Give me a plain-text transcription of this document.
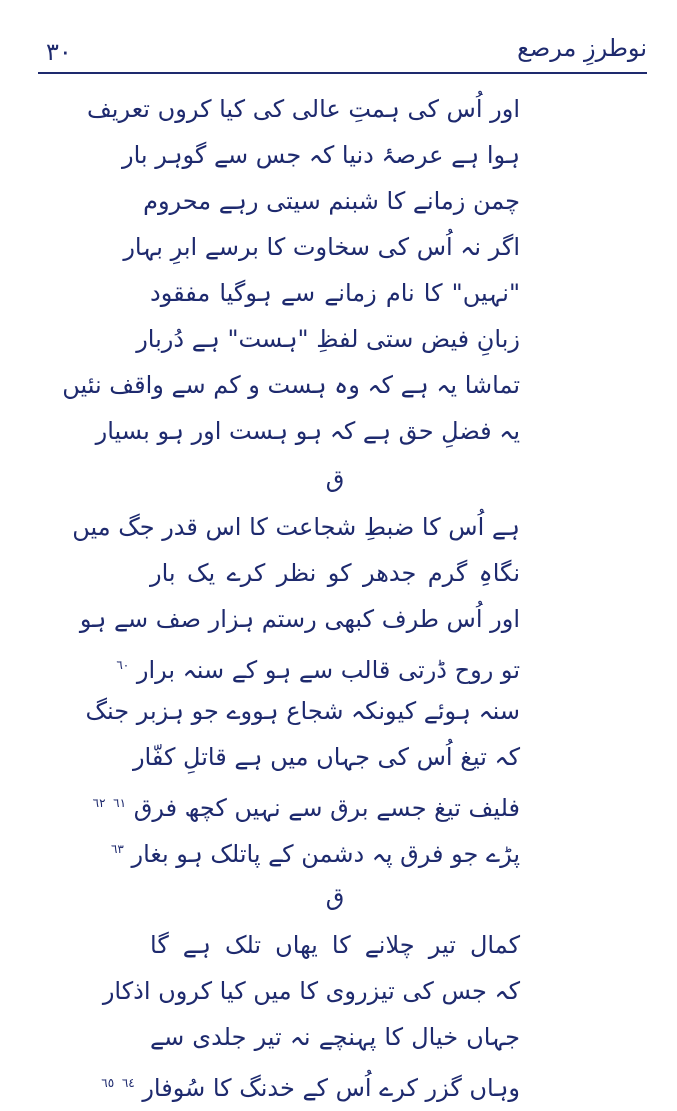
۳۰	نوطرزِ مرصع
اور اُس کی ہمتِ عالی کی کیا کروں تعریف
ہوا ہے عرصۂ دنیا کہ جس سے گوہر بار
چمن زمانے کا شبنم سیتی رہے محروم
اگر نہ اُس کی سخاوت کا برسے ابرِ بہار
"نہیں" کا نام زمانے سے ہوگیا مفقود
زبانِ فیض ستی لفظِ "ہست" ہے دُربار
تماشا یہ ہے کہ وہ ہست و کم سے واقف نئیں
یہ فضلِ حق ہے کہ ہو ہست اور ہو بسیار
ق
ہے اُس کا ضبطِ شجاعت کا اس قدر جگ میں
نگاہِ گرم جدھر کو نظر کرے یک بار
اور اُس طرف کبھی رستم ہزار صف سے ہو
تو روح ڈرتی قالب سے ہو کے سنہ برار $^{٦٠}$
سنہ ہوئے کیونکہ شجاع ہووے جو ہزبر جنگ
کہ تیغ اُس کی جہاں میں ہے قاتلِ کفّار
فلیف تیغ جسے برق سے نہیں کچھ فرق $^{٦١}$ $^{٦٢}$
پڑے جو فرق پہ دشمن کے پاتلک ہو بغار $^{٦٣}$
ق
کمال تیر چلانے کا یھاں تلک ہے گا
کہ جس کی تیزروی کا میں کیا کروں اذکار
جہاں خیال کا پہنچے نہ تیر جلدی سے
وہاں گزر کرے اُس کے خدنگ کا سُوفار $^{٦٤}$ $^{٦٥}$
